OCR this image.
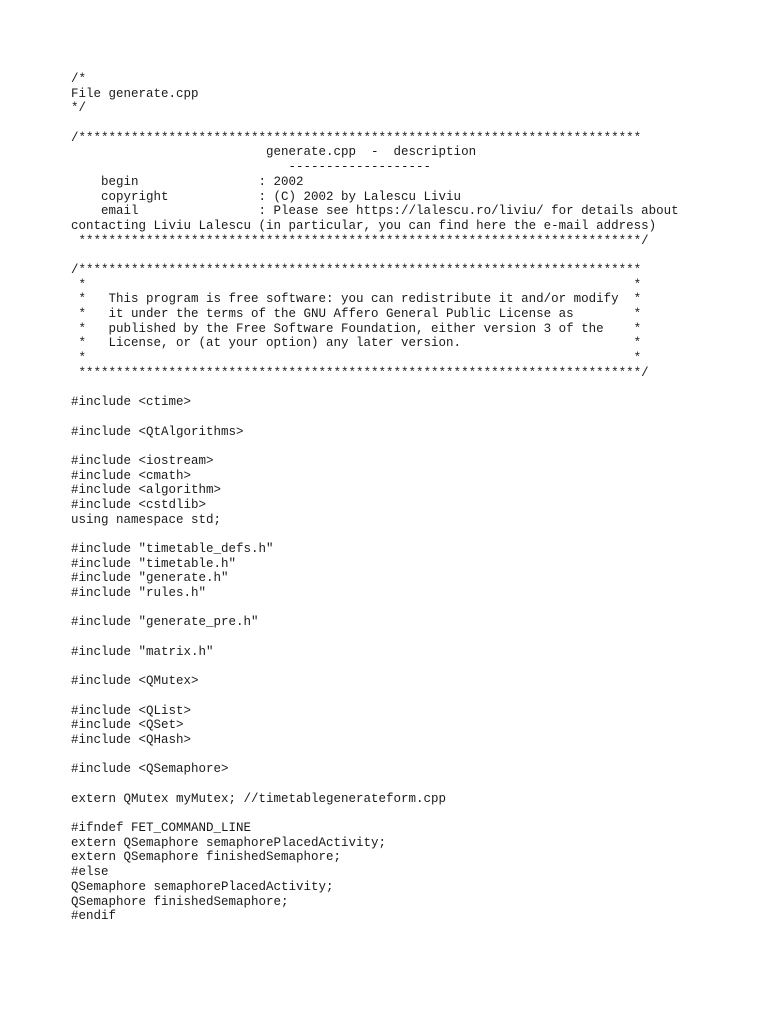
/*
File generate.cpp
*/
/***************************************************************************
generate.cpp  -  description
-------------------
begin                : 2002
copyright            : (C) 2002 by Lalescu Liviu
email                : Please see https://lalescu.ro/liviu/ for details about
contacting Liviu Lalescu (in particular, you can find here the e-mail address)
***************************************************************************/
/***************************************************************************
*                                                                         *
*   This program is free software: you can redistribute it and/or modify  *
*   it under the terms of the GNU Affero General Public License as        *
*   published by the Free Software Foundation, either version 3 of the    *
*   License, or (at your option) any later version.                       *
*                                                                         *
***************************************************************************/
#include <ctime>
#include <QtAlgorithms>
#include <iostream>
#include <cmath>
#include <algorithm>
#include <cstdlib>
using namespace std;
#include "timetable_defs.h"
#include "timetable.h"
#include "generate.h"
#include "rules.h"
#include "generate_pre.h"
#include "matrix.h"
#include <QMutex>
#include <QList>
#include <QSet>
#include <QHash>
#include <QSemaphore>
extern QMutex myMutex; //timetablegenerateform.cpp
#ifndef FET_COMMAND_LINE
extern QSemaphore semaphorePlacedActivity;
extern QSemaphore finishedSemaphore;
#else
QSemaphore semaphorePlacedActivity;
QSemaphore finishedSemaphore;
#endif
